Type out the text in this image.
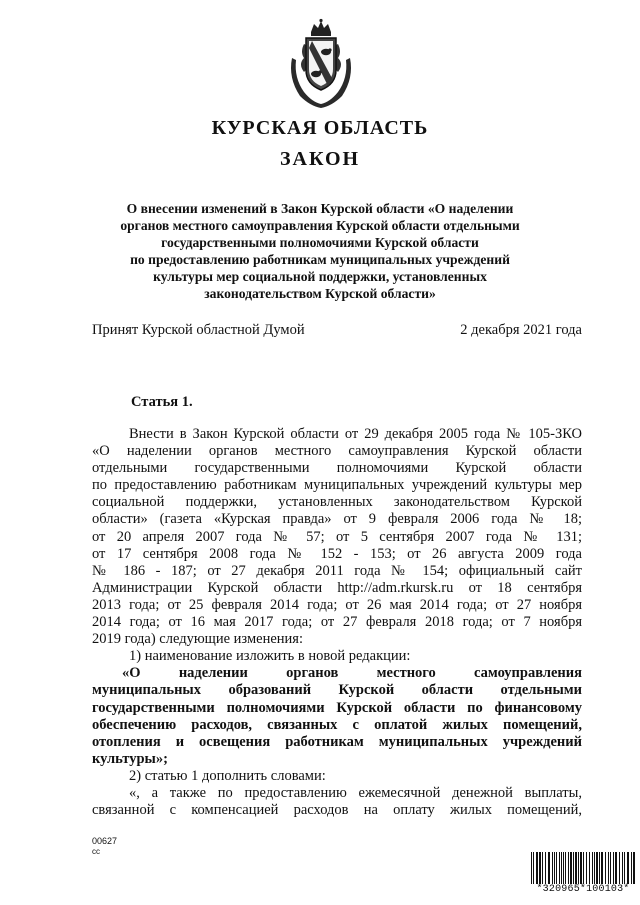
КУРСКАЯ ОБЛАСТЬ
ЗАКОН
О внесении изменений в Закон Курской области «О наделении
органов местного самоуправления Курской области отдельными
государственными полномочиями Курской области
по предоставлению работникам муниципальных учреждений
культуры мер социальной поддержки, установленных
законодательством Курской области»
Принят Курской областной Думой	2 декабря 2021 года
Статья 1.
Внести в Закон Курской области от 29 декабря 2005 года № 105-ЗКО
«О наделении органов местного самоуправления Курской области
отдельными государственными полномочиями Курской области
по предоставлению работникам муниципальных учреждений культуры мер
социальной поддержки, установленных законодательством Курской
области» (газета «Курская правда» от 9 февраля 2006 года № 18;
от 20 апреля 2007 года № 57; от 5 сентября 2007 года № 131;
от 17 сентября 2008 года № 152 - 153; от 26 августа 2009 года
№ 186 - 187; от 27 декабря 2011 года № 154; официальный сайт
Администрации Курской области http://adm.rkursk.ru от 18 сентября
2013 года; от 25 февраля 2014 года; от 26 мая 2014 года; от 27 ноября
2014 года; от 16 мая 2017 года; от 27 февраля 2018 года; от 7 ноября
2019 года) следующие изменения:
1) наименование изложить в новой редакции:
«О наделении органов местного самоуправления
муниципальных образований Курской области отдельными
государственными полномочиями Курской области по финансовому
обеспечению расходов, связанных с оплатой жилых помещений,
отопления и освещения работникам муниципальных учреждений
культуры»;
2) статью 1 дополнить словами:
«, а также по предоставлению ежемесячной денежной выплаты,
связанной с компенсацией расходов на оплату жилых помещений,
00627
сс
*320965*100103*
